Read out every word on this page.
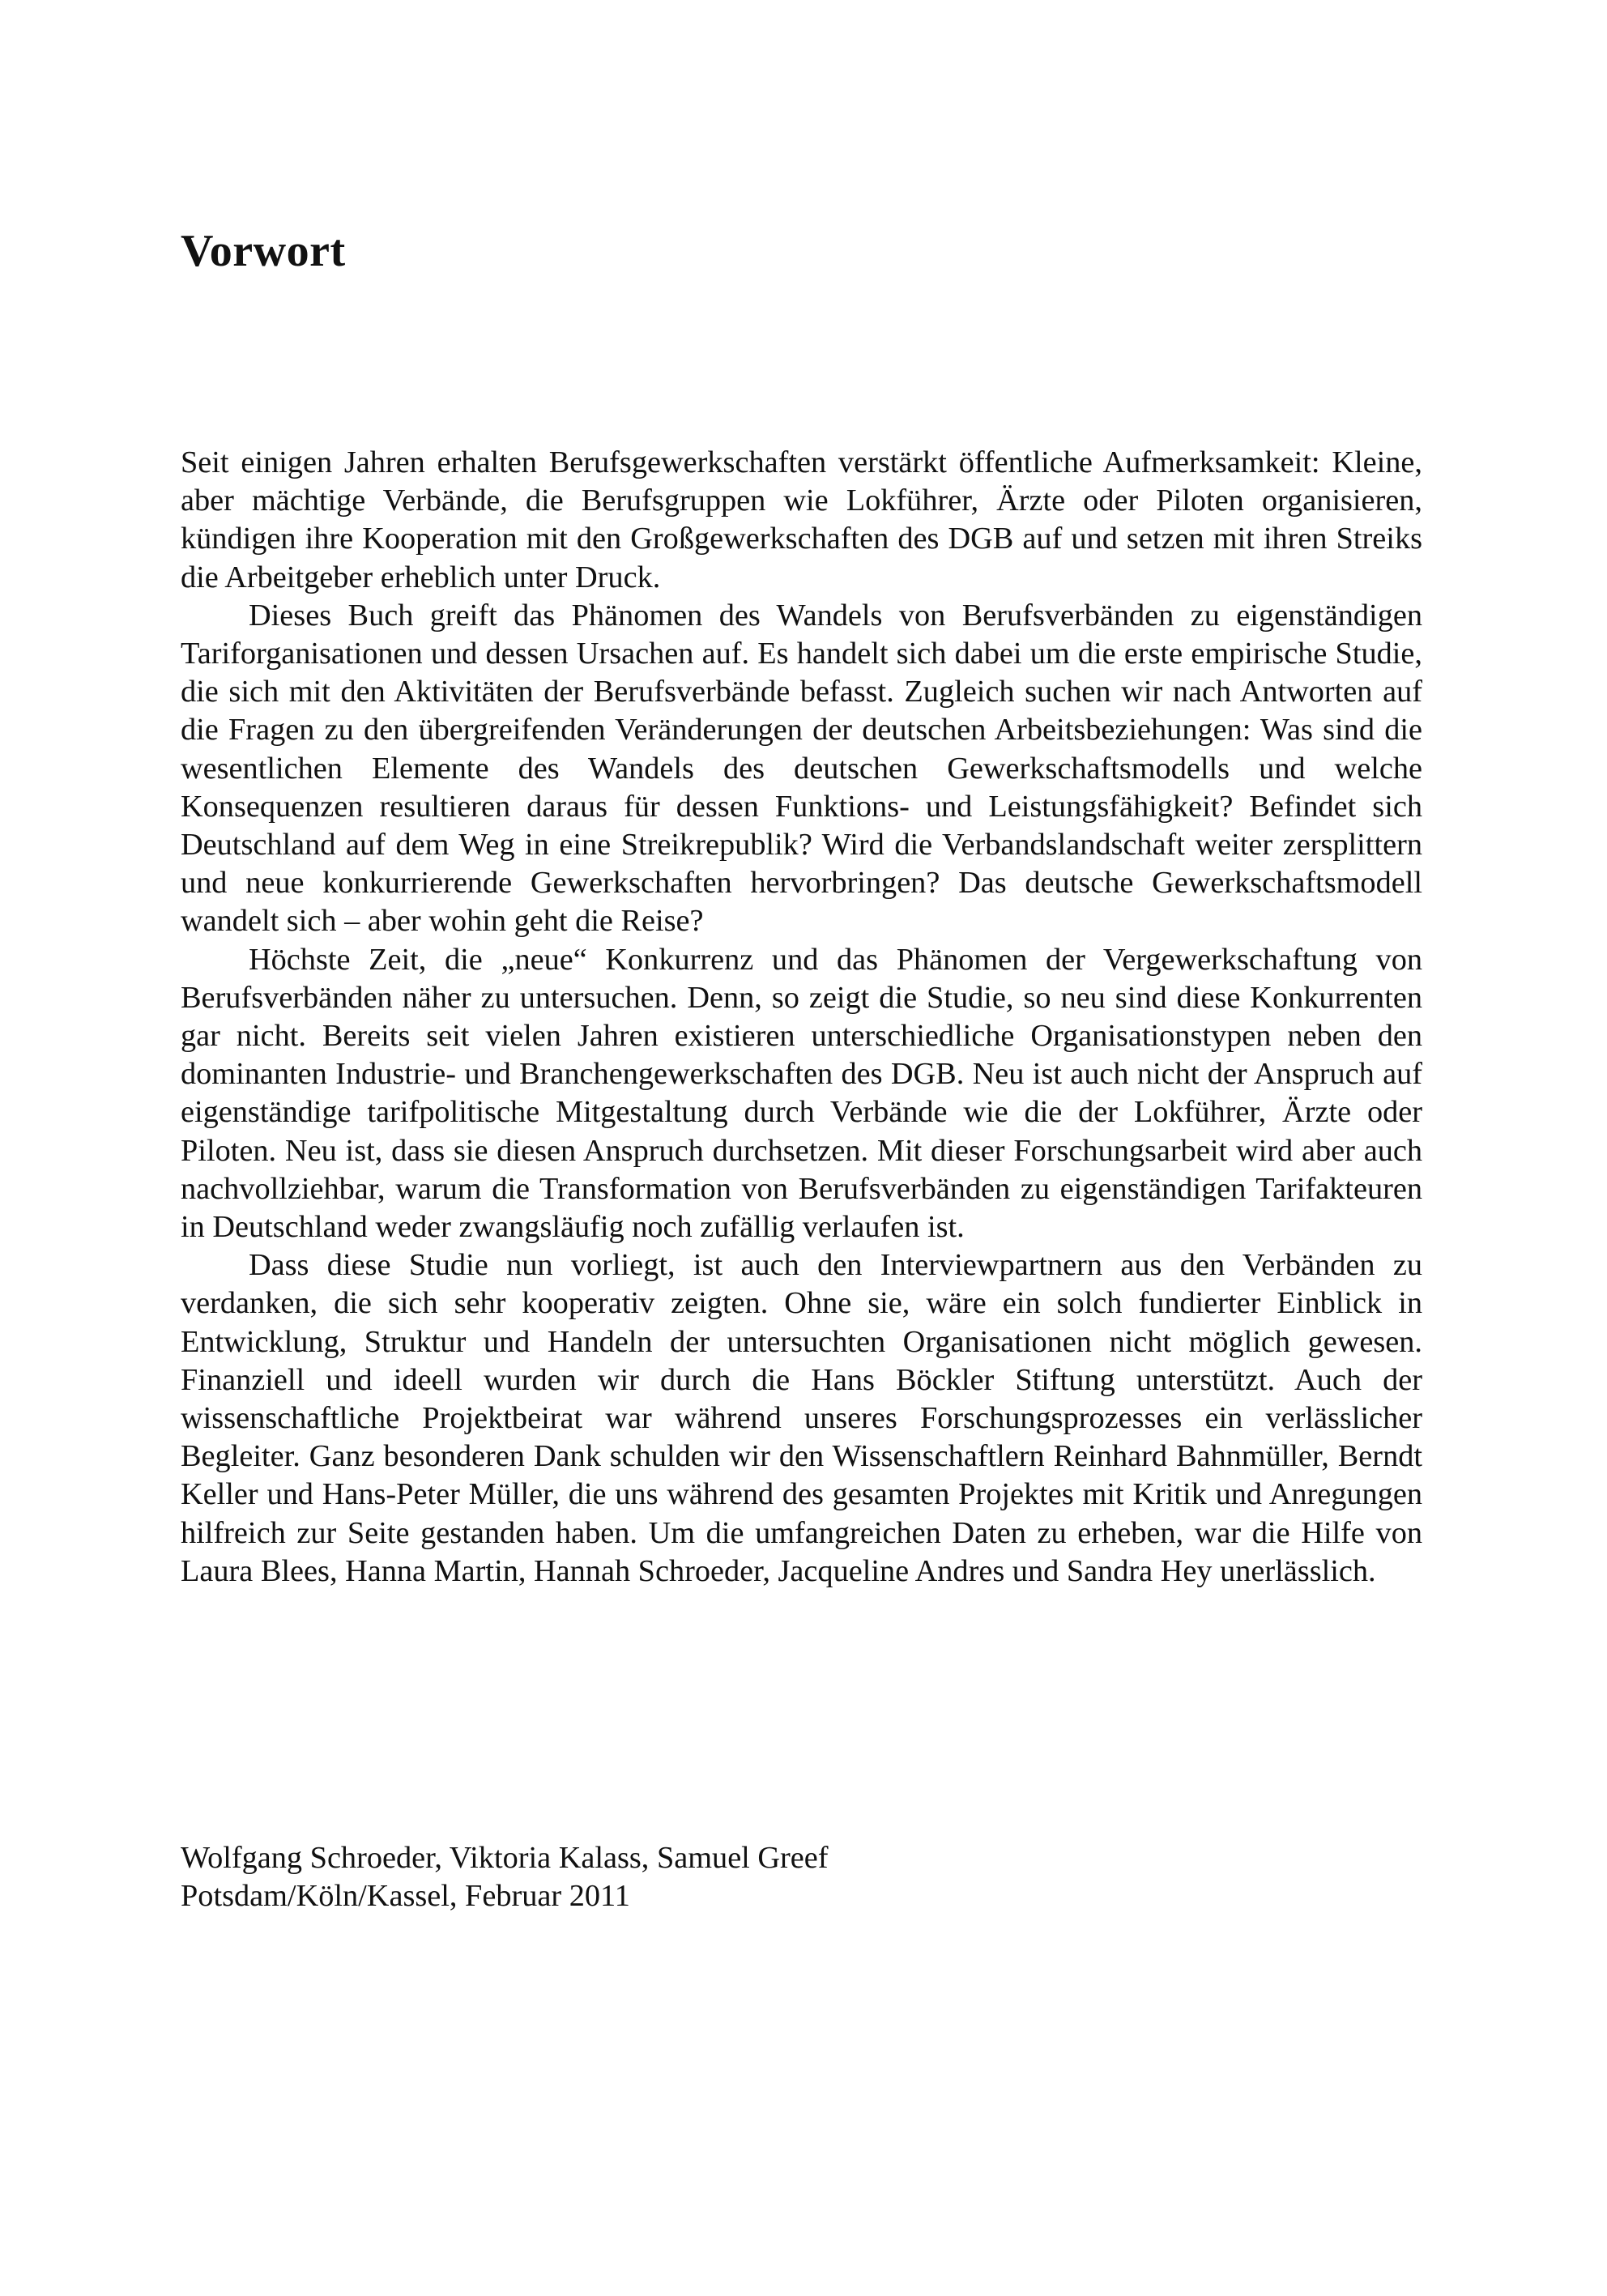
Vorwort

Seit einigen Jahren erhalten Berufsgewerkschaften verstärkt öffentliche Aufmerksamkeit: Kleine, aber mächtige Verbände, die Berufsgruppen wie Lokführer, Ärzte oder Piloten organisieren, kündigen ihre Kooperation mit den Großgewerkschaften des DGB auf und setzen mit ihren Streiks die Arbeitgeber erheblich unter Druck.

Dieses Buch greift das Phänomen des Wandels von Berufsverbänden zu eigenständigen Tariforganisationen und dessen Ursachen auf. Es handelt sich dabei um die erste empirische Studie, die sich mit den Aktivitäten der Berufsverbände befasst. Zugleich suchen wir nach Antworten auf die Fragen zu den übergreifenden Veränderungen der deutschen Arbeitsbeziehungen: Was sind die wesentlichen Elemente des Wandels des deutschen Gewerkschaftsmodells und welche Konsequenzen resultieren daraus für dessen Funktions- und Leistungsfähigkeit? Befindet sich Deutschland auf dem Weg in eine Streikrepublik? Wird die Verbandslandschaft weiter zersplittern und neue konkurrierende Gewerkschaften hervorbringen? Das deutsche Gewerkschaftsmodell wandelt sich – aber wohin geht die Reise?

Höchste Zeit, die „neue“ Konkurrenz und das Phänomen der Vergewerkschaftung von Berufsverbänden näher zu untersuchen. Denn, so zeigt die Studie, so neu sind diese Konkurrenten gar nicht. Bereits seit vielen Jahren existieren unterschiedliche Organisationstypen neben den dominanten Industrie- und Branchengewerkschaften des DGB. Neu ist auch nicht der Anspruch auf eigenständige tarifpolitische Mitgestaltung durch Verbände wie die der Lokführer, Ärzte oder Piloten. Neu ist, dass sie diesen Anspruch durchsetzen. Mit dieser Forschungsarbeit wird aber auch nachvollziehbar, warum die Transformation von Berufsverbänden zu eigenständigen Tarifakteuren in Deutschland weder zwangsläufig noch zufällig verlaufen ist.

Dass diese Studie nun vorliegt, ist auch den Interviewpartnern aus den Verbänden zu verdanken, die sich sehr kooperativ zeigten. Ohne sie, wäre ein solch fundierter Einblick in Entwicklung, Struktur und Handeln der untersuchten Organisationen nicht möglich gewesen. Finanziell und ideell wurden wir durch die Hans Böckler Stiftung unterstützt. Auch der wissenschaftliche Projektbeirat war während unseres Forschungsprozesses ein verlässlicher Begleiter. Ganz besonderen Dank schulden wir den Wissenschaftlern Reinhard Bahnmüller, Berndt Keller und Hans-Peter Müller, die uns während des gesamten Projektes mit Kritik und Anregungen hilfreich zur Seite gestanden haben. Um die umfangreichen Daten zu erheben, war die Hilfe von Laura Blees, Hanna Martin, Hannah Schroeder, Jacqueline Andres und Sandra Hey unerlässlich.

Wolfgang Schroeder, Viktoria Kalass, Samuel Greef
Potsdam/Köln/Kassel, Februar 2011
